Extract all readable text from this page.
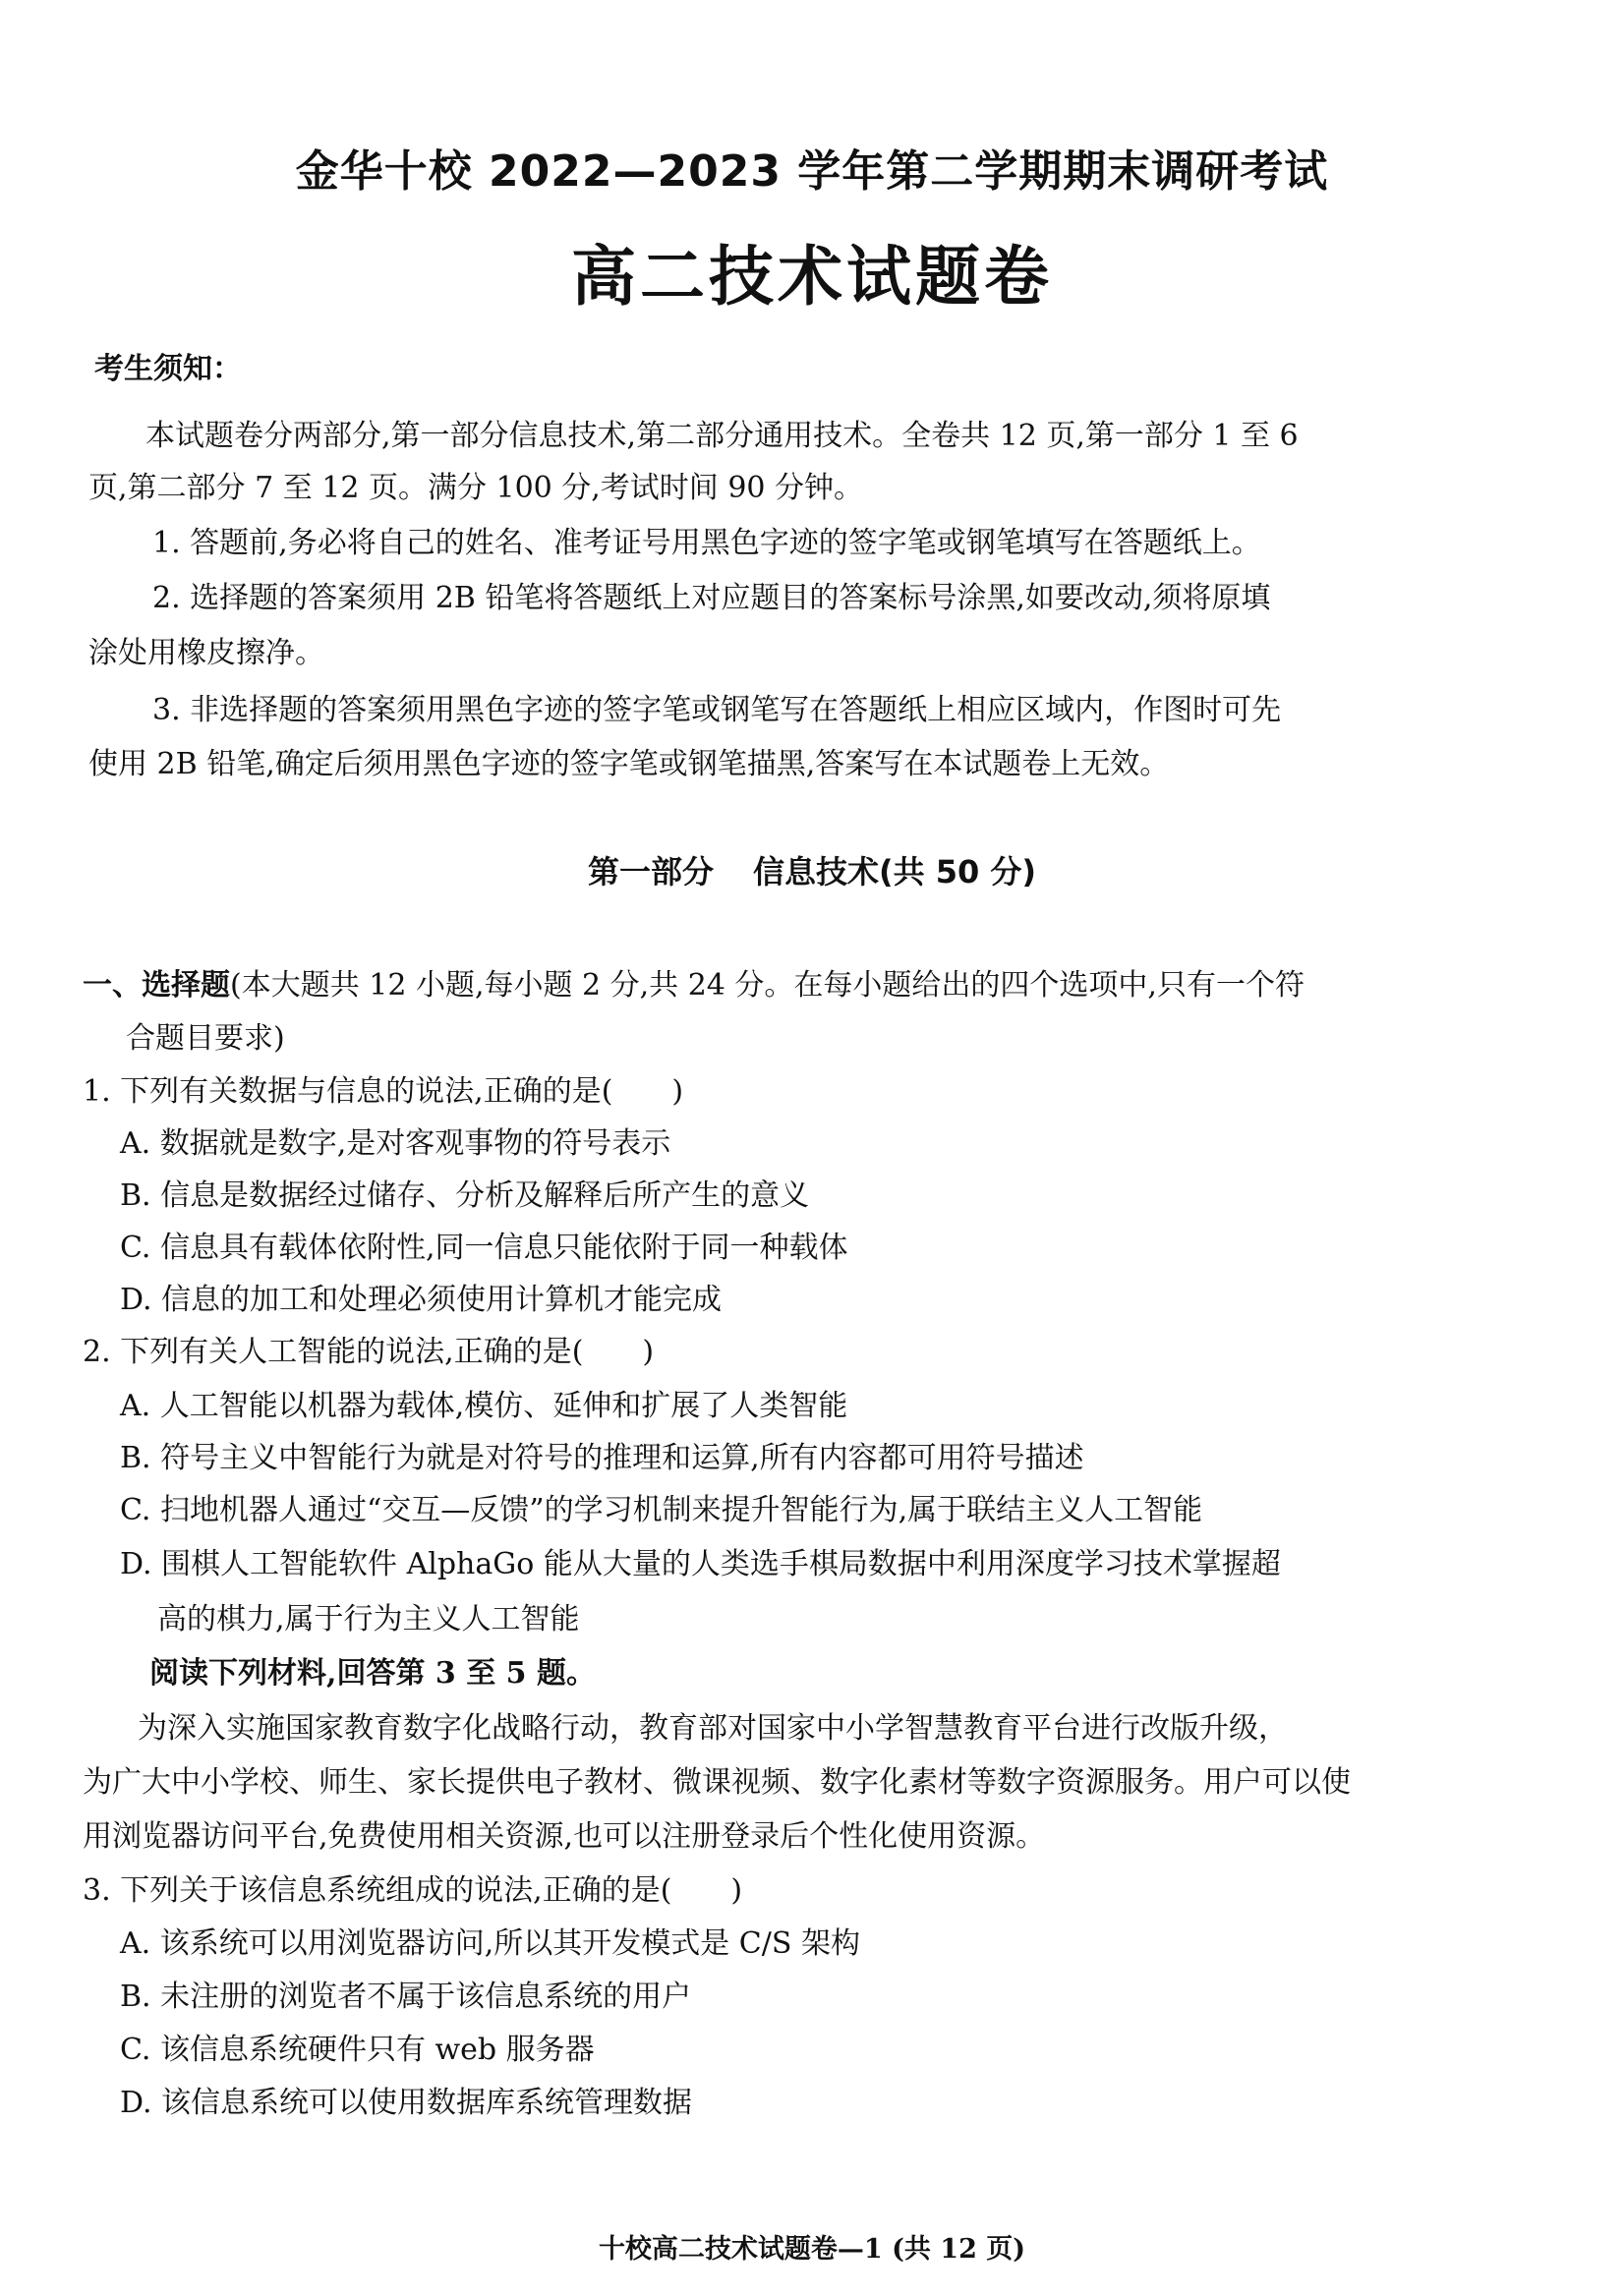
金华十校 2022—2023 学年第二学期期末调研考试
高二技术试题卷
考生须知：
本试题卷分两部分,第一部分信息技术,第二部分通用技术。全卷共 12 页,第一部分 1 至 6
页,第二部分 7 至 12 页。满分 100 分,考试时间 90 分钟。
1. 答题前,务必将自己的姓名、准考证号用黑色字迹的签字笔或钢笔填写在答题纸上。
2. 选择题的答案须用 2B 铅笔将答题纸上对应题目的答案标号涂黑,如要改动,须将原填
涂处用橡皮擦净。
3. 非选择题的答案须用黑色字迹的签字笔或钢笔写在答题纸上相应区域内，作图时可先
使用 2B 铅笔,确定后须用黑色字迹的签字笔或钢笔描黑,答案写在本试题卷上无效。
第一部分 信息技术(共 50 分)
一、选择题(本大题共 12 小题,每小题 2 分,共 24 分。在每小题给出的四个选项中,只有一个符
合题目要求)
1. 下列有关数据与信息的说法,正确的是(　　)
A. 数据就是数字,是对客观事物的符号表示
B. 信息是数据经过储存、分析及解释后所产生的意义
C. 信息具有载体依附性,同一信息只能依附于同一种载体
D. 信息的加工和处理必须使用计算机才能完成
2. 下列有关人工智能的说法,正确的是(　　)
A. 人工智能以机器为载体,模仿、延伸和扩展了人类智能
B. 符号主义中智能行为就是对符号的推理和运算,所有内容都可用符号描述
C. 扫地机器人通过“交互—反馈”的学习机制来提升智能行为,属于联结主义人工智能
D. 围棋人工智能软件 AlphaGo 能从大量的人类选手棋局数据中利用深度学习技术掌握超
高的棋力,属于行为主义人工智能
阅读下列材料,回答第 3 至 5 题。
为深入实施国家教育数字化战略行动，教育部对国家中小学智慧教育平台进行改版升级，
为广大中小学校、师生、家长提供电子教材、微课视频、数字化素材等数字资源服务。用户可以使
用浏览器访问平台,免费使用相关资源,也可以注册登录后个性化使用资源。
3. 下列关于该信息系统组成的说法,正确的是(　　)
A. 该系统可以用浏览器访问,所以其开发模式是 C/S 架构
B. 未注册的浏览者不属于该信息系统的用户
C. 该信息系统硬件只有 web 服务器
D. 该信息系统可以使用数据库系统管理数据
十校高二技术试题卷—1 (共 12 页)
